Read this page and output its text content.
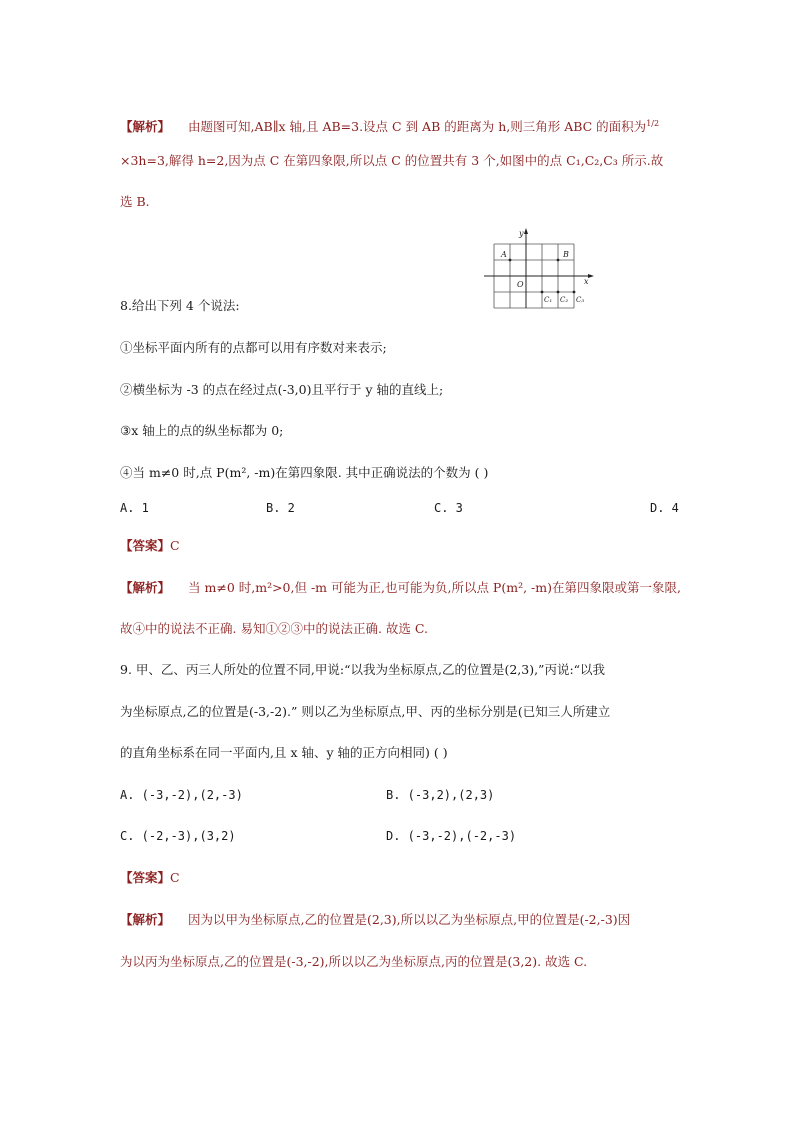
【解析】 由题图可知,AB∥x 轴,且 AB=3.设点 C 到 AB 的距离为 h,则三角形 ABC 的面积为$^{1/2}$
×3h=3,解得 h=2,因为点 C 在第四象限,所以点 C 的位置共有 3 个,如图中的点 C₁,C₂,C₃ 所示.故
选 B.
y
x
A	B
O
C₁ C₂ C₃
8.给出下列 4 个说法:
①坐标平面内所有的点都可以用有序数对来表示;
②横坐标为 -3 的点在经过点(-3,0)且平行于 y 轴的直线上;
③x 轴上的点的纵坐标都为 0;
④当 m≠0 时,点 P(m², -m)在第四象限. 其中正确说法的个数为 ( )
A. 1	B. 2	C. 3	D. 4
【答案】C
【解析】 当 m≠0 时,m²>0,但 -m 可能为正,也可能为负,所以点 P(m², -m)在第四象限或第一象限,
故④中的说法不正确. 易知①②③中的说法正确. 故选 C.
9. 甲、乙、丙三人所处的位置不同,甲说:“以我为坐标原点,乙的位置是(2,3),”丙说:“以我
为坐标原点,乙的位置是(-3,-2).” 则以乙为坐标原点,甲、丙的坐标分别是(已知三人所建立
的直角坐标系在同一平面内,且 x 轴、y 轴的正方向相同) ( )
A. (-3,-2),(2,-3)	B. (-3,2),(2,3)
C. (-2,-3),(3,2)	D. (-3,-2),(-2,-3)
【答案】C
【解析】 因为以甲为坐标原点,乙的位置是(2,3),所以以乙为坐标原点,甲的位置是(-2,-3)因
为以丙为坐标原点,乙的位置是(-3,-2),所以以乙为坐标原点,丙的位置是(3,2). 故选 C.
